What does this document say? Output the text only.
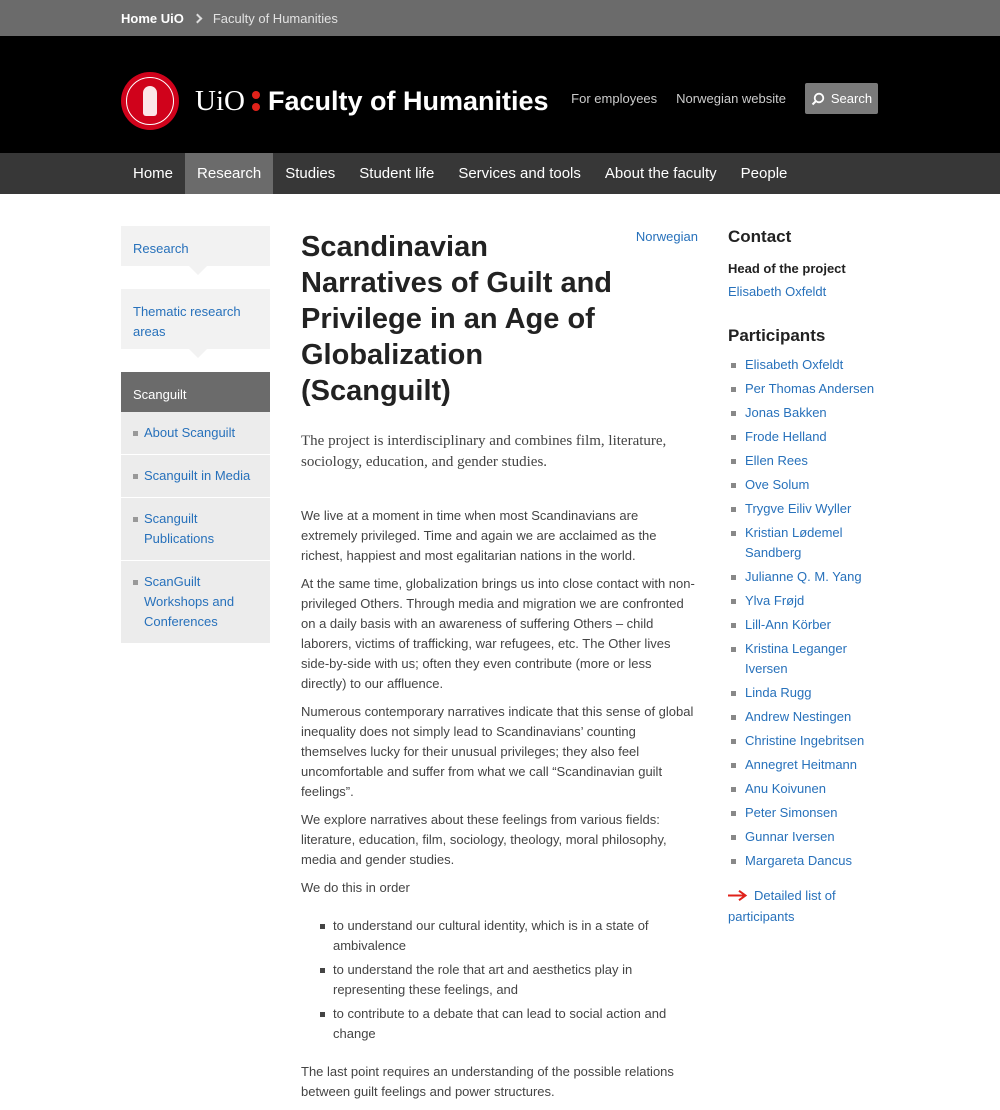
Home UiO Faculty of Humanities
UiO Faculty of Humanities For employees Norwegian website	Search
Home	Research	Studies	Student life	Services and tools	About the faculty	People
Research
Thematic research areas
Scanguilt
About Scanguilt
Scanguilt in Media
Scanguilt Publications
ScanGuilt Workshops and Conferences
Norwegian
Scandinavian Narratives of Guilt and Privilege in an Age of Globalization (Scanguilt)

The project is interdisciplinary and combines film, literature, sociology, education, and gender studies.

We live at a moment in time when most Scandinavians are extremely privileged. Time and again we are acclaimed as the richest, happiest and most egalitarian nations in the world.

At the same time, globalization brings us into close contact with non-privileged Others. Through media and migration we are confronted on a daily basis with an awareness of suffering Others – child laborers, victims of trafficking, war refugees, etc. The Other lives side-by-side with us; often they even contribute (more or less directly) to our affluence.

Numerous contemporary narratives indicate that this sense of global inequality does not simply lead to Scandinavians’ counting themselves lucky for their unusual privileges; they also feel uncomfortable and suffer from what we call “Scandinavian guilt feelings”.

We explore narratives about these feelings from various fields: literature, education, film, sociology, theology, moral philosophy, media and gender studies.

We do this in order

to understand our cultural identity, which is in a state of ambivalence
to understand the role that art and aesthetics play in representing these feelings, and
to contribute to a debate that can lead to social action and change

The last point requires an understanding of the possible relations between guilt feelings and power structures.

Contact
Head of the project
Elisabeth Oxfeldt
Participants
Elisabeth Oxfeldt
Per Thomas Andersen
Jonas Bakken
Frode Helland
Ellen Rees
Ove Solum
Trygve Eiliv Wyller
Kristian Lødemel Sandberg
Julianne Q. M. Yang
Ylva Frøjd
Lill-Ann Körber
Kristina Leganger Iversen
Linda Rugg
Andrew Nestingen
Christine Ingebritsen
Annegret Heitmann
Anu Koivunen
Peter Simonsen
Gunnar Iversen
Margareta Dancus
Detailed list of participants
